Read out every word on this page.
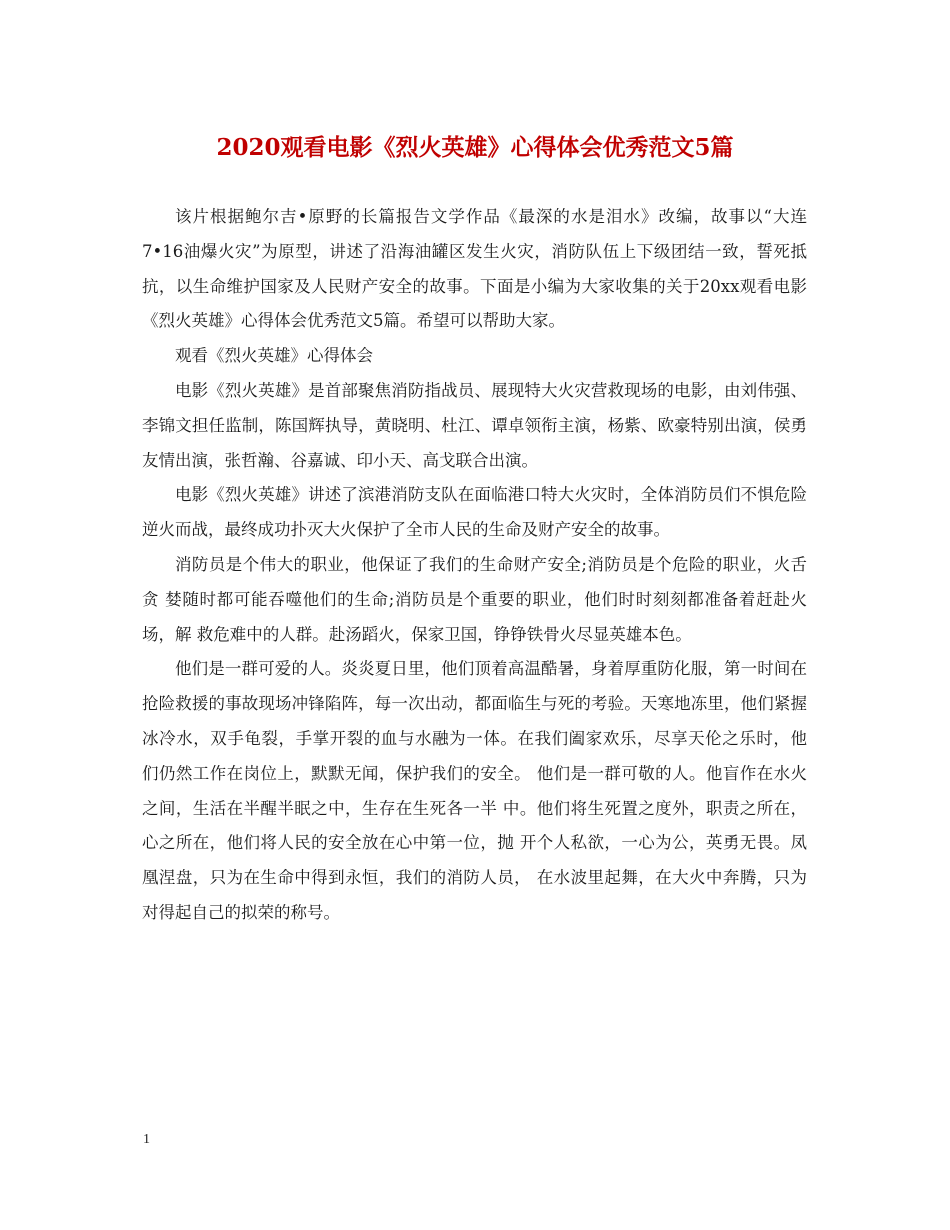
2020观看电影《烈火英雄》心得体会优秀范文5篇

该片根据鲍尔吉•原野的长篇报告文学作品《最深的水是泪水》改编，故事以“大连7•16油爆火灾”为原型，讲述了沿海油罐区发生火灾，消防队伍上下级团结一致，誓死抵抗，以生命维护国家及人民财产安全的故事。下面是小编为大家收集的关于20xx观看电影《烈火英雄》心得体会优秀范文5篇。希望可以帮助大家。

观看《烈火英雄》心得体会

电影《烈火英雄》是首部聚焦消防指战员、展现特大火灾营救现场的电影，由刘伟强、 李锦文担任监制，陈国辉执导，黄晓明、杜江、谭卓领衔主演，杨紫、欧豪特别出演，侯勇 友情出演，张哲瀚、谷嘉诚、印小天、高戈联合出演。

电影《烈火英雄》讲述了滨港消防支队在面临港口特大火灾时，全体消防员们不惧危险 逆火而战，最终成功扑灭大火保护了全市人民的生命及财产安全的故事。

消防员是个伟大的职业，他保证了我们的生命财产安全;消防员是个危险的职业，火舌贪 婪随时都可能吞噬他们的生命;消防员是个重要的职业，他们时时刻刻都准备着赶赴火场，解 救危难中的人群。赴汤蹈火，保家卫国，铮铮铁骨火尽显英雄本色。

他们是一群可爱的人。炎炎夏日里，他们顶着高温酷暑，身着厚重防化服，第一时间在 抢险救援的事故现场冲锋陷阵，每一次出动，都面临生与死的考验。天寒地冻里，他们紧握 冰冷水，双手龟裂，手掌开裂的血与水融为一体。在我们阖家欢乐，尽享天伦之乐时，他 们仍然工作在岗位上，默默无闻，保护我们的安全。 他们是一群可敬的人。他盲作在水火之间，生活在半醒半眠之中，生存在生死各一半 中。他们将生死置之度外，职责之所在，心之所在，他们将人民的安全放在心中第一位，抛 开个人私欲，一心为公，英勇无畏。凤凰涅盘，只为在生命中得到永恒，我们的消防人员， 在水波里起舞，在大火中奔腾，只为对得起自己的拟荣的称号。

1
